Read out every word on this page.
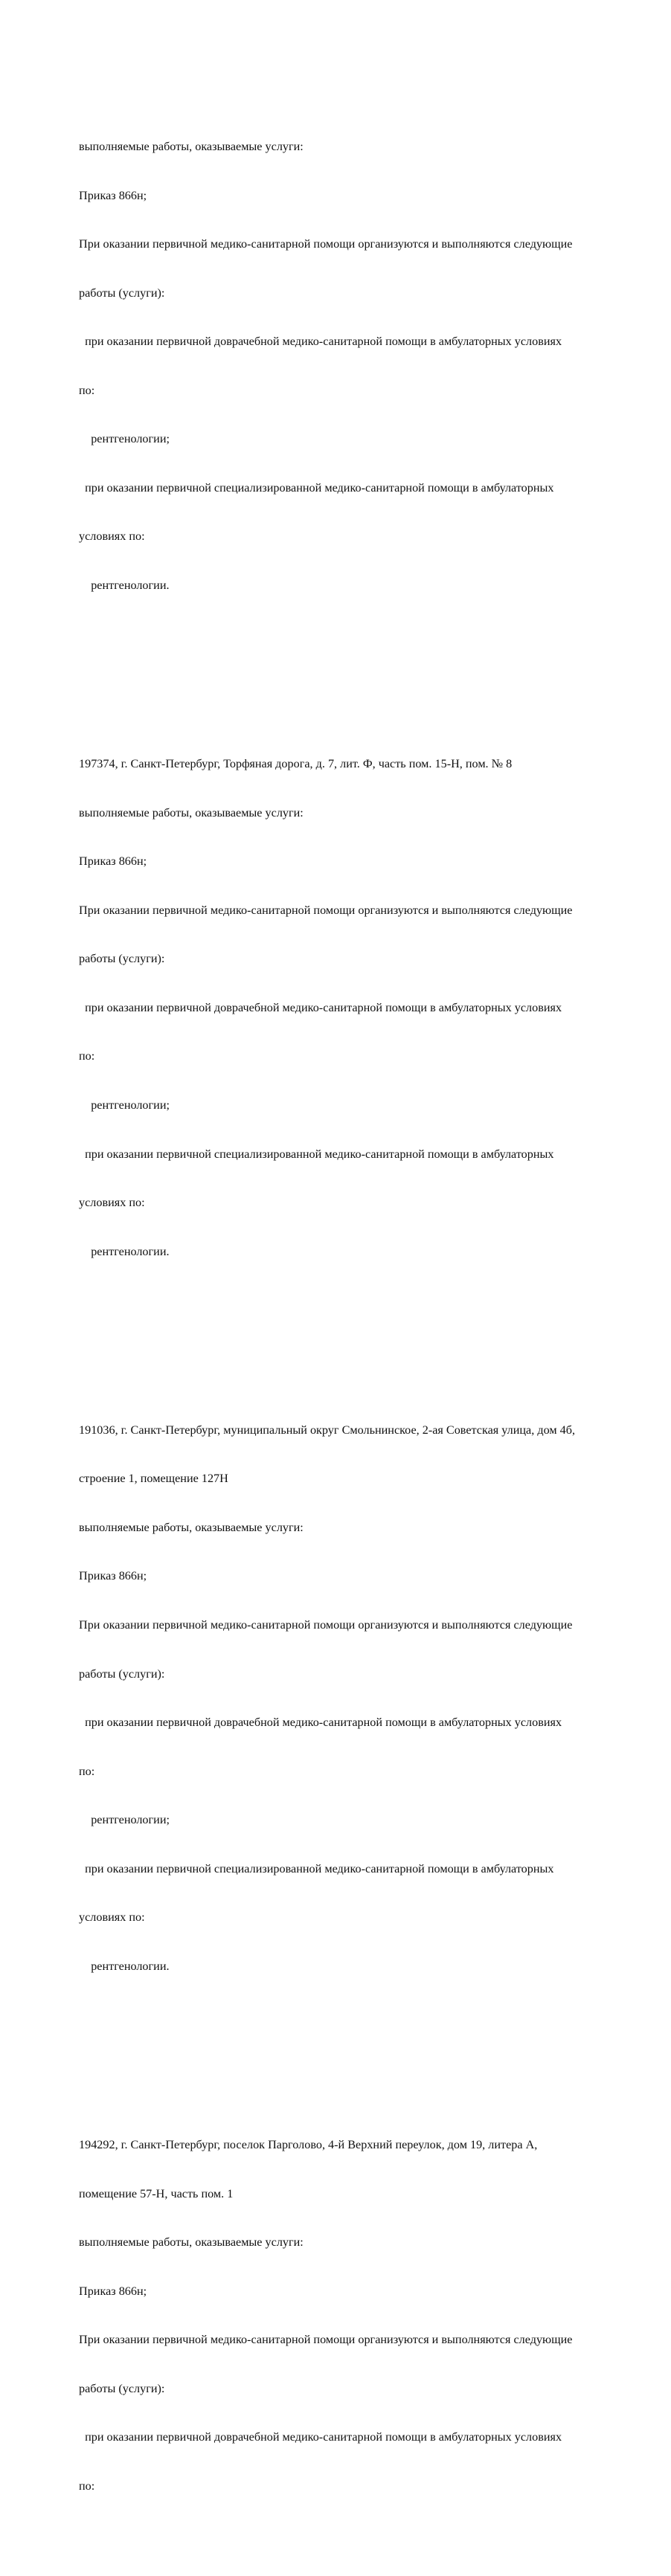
выполняемые работы, оказываемые услуги:

Приказ 866н;

При оказании первичной медико-санитарной помощи организуются и выполняются следующие

работы (услуги):

при оказании первичной доврачебной медико-санитарной помощи в амбулаторных условиях

по:

рентгенологии;

при оказании первичной специализированной медико-санитарной помощи в амбулаторных

условиях по:

рентгенологии.

197374, г. Санкт-Петербург, Торфяная дорога, д. 7, лит. Ф, часть пом. 15-Н, пом. № 8

выполняемые работы, оказываемые услуги:

Приказ 866н;

При оказании первичной медико-санитарной помощи организуются и выполняются следующие

работы (услуги):

при оказании первичной доврачебной медико-санитарной помощи в амбулаторных условиях

по:

рентгенологии;

при оказании первичной специализированной медико-санитарной помощи в амбулаторных

условиях по:

рентгенологии.

191036, г. Санкт-Петербург, муниципальный округ Смольнинское, 2-ая Советская улица, дом 4б,

строение 1, помещение 127Н

выполняемые работы, оказываемые услуги:

Приказ 866н;

При оказании первичной медико-санитарной помощи организуются и выполняются следующие

работы (услуги):

при оказании первичной доврачебной медико-санитарной помощи в амбулаторных условиях

по:

рентгенологии;

при оказании первичной специализированной медико-санитарной помощи в амбулаторных

условиях по:

рентгенологии.

194292, г. Санкт-Петербург, поселок Парголово, 4-й Верхний переулок, дом 19, литера А,

помещение 57-Н, часть пом. 1

выполняемые работы, оказываемые услуги:

Приказ 866н;

При оказании первичной медико-санитарной помощи организуются и выполняются следующие

работы (услуги):

при оказании первичной доврачебной медико-санитарной помощи в амбулаторных условиях

по:
